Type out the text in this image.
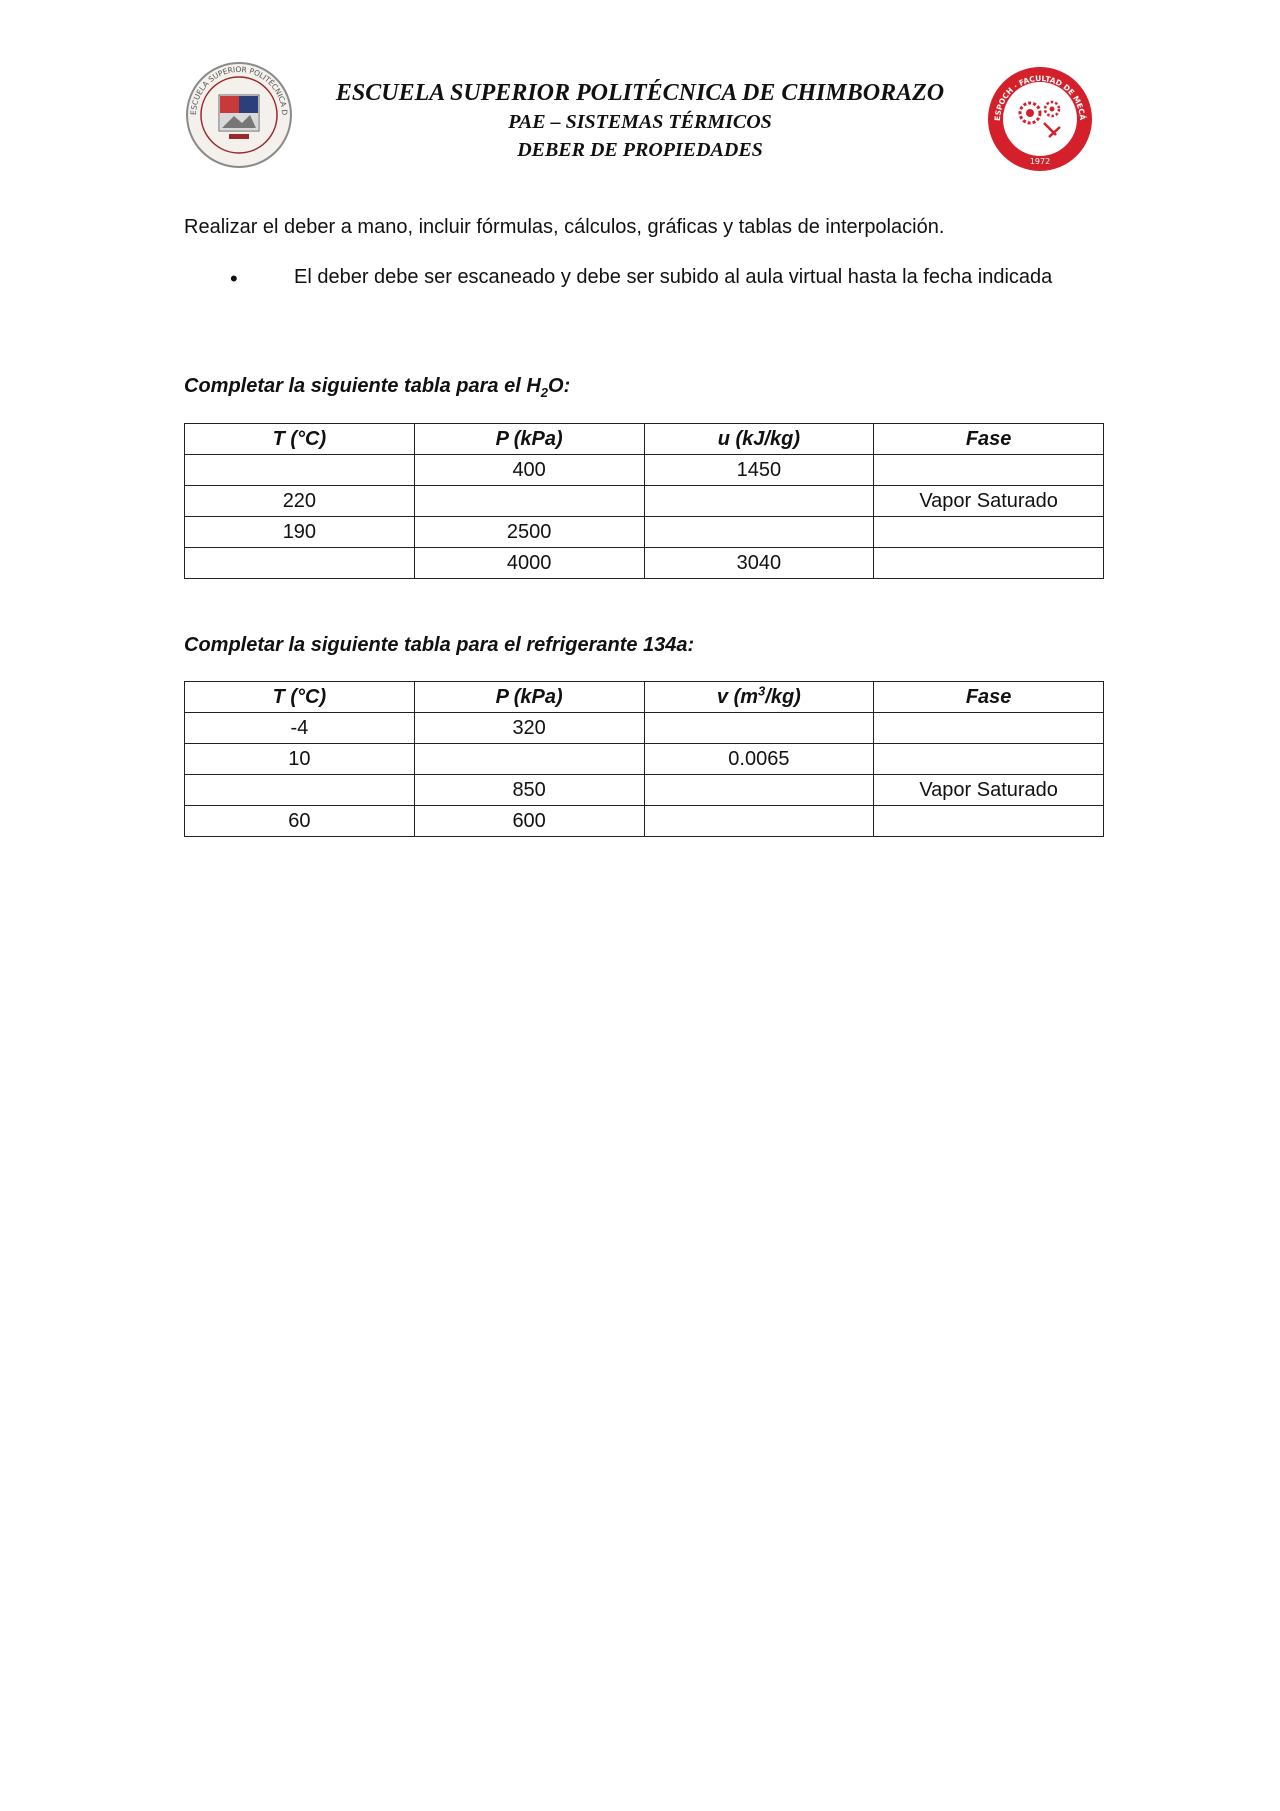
ESCUELA SUPERIOR POLITÉCNICA D
ESPOCH · FACULTAD DE MECÁ
1972
ESCUELA SUPERIOR POLITÉCNICA DE CHIMBORAZO
PAE – SISTEMAS TÉRMICOS
DEBER DE PROPIEDADES
Realizar el deber a mano, incluir fórmulas, cálculos, gráficas y tablas de interpolación.
•
El deber debe ser escaneado y debe ser subido al aula virtual hasta la fecha indicada
Completar la siguiente tabla para el $H_2O$:
T (°C)	P (kPa)	u (kJ/kg)	Fase
	400	1450	
220			Vapor Saturado
190	2500		
	4000	3040	
Completar la siguiente tabla para el refrigerante 134a:
T (°C)	P (kPa)	v $(m^3/kg)$	Fase
-4	320		
10		0.0065	
	850		Vapor Saturado
60	600		
